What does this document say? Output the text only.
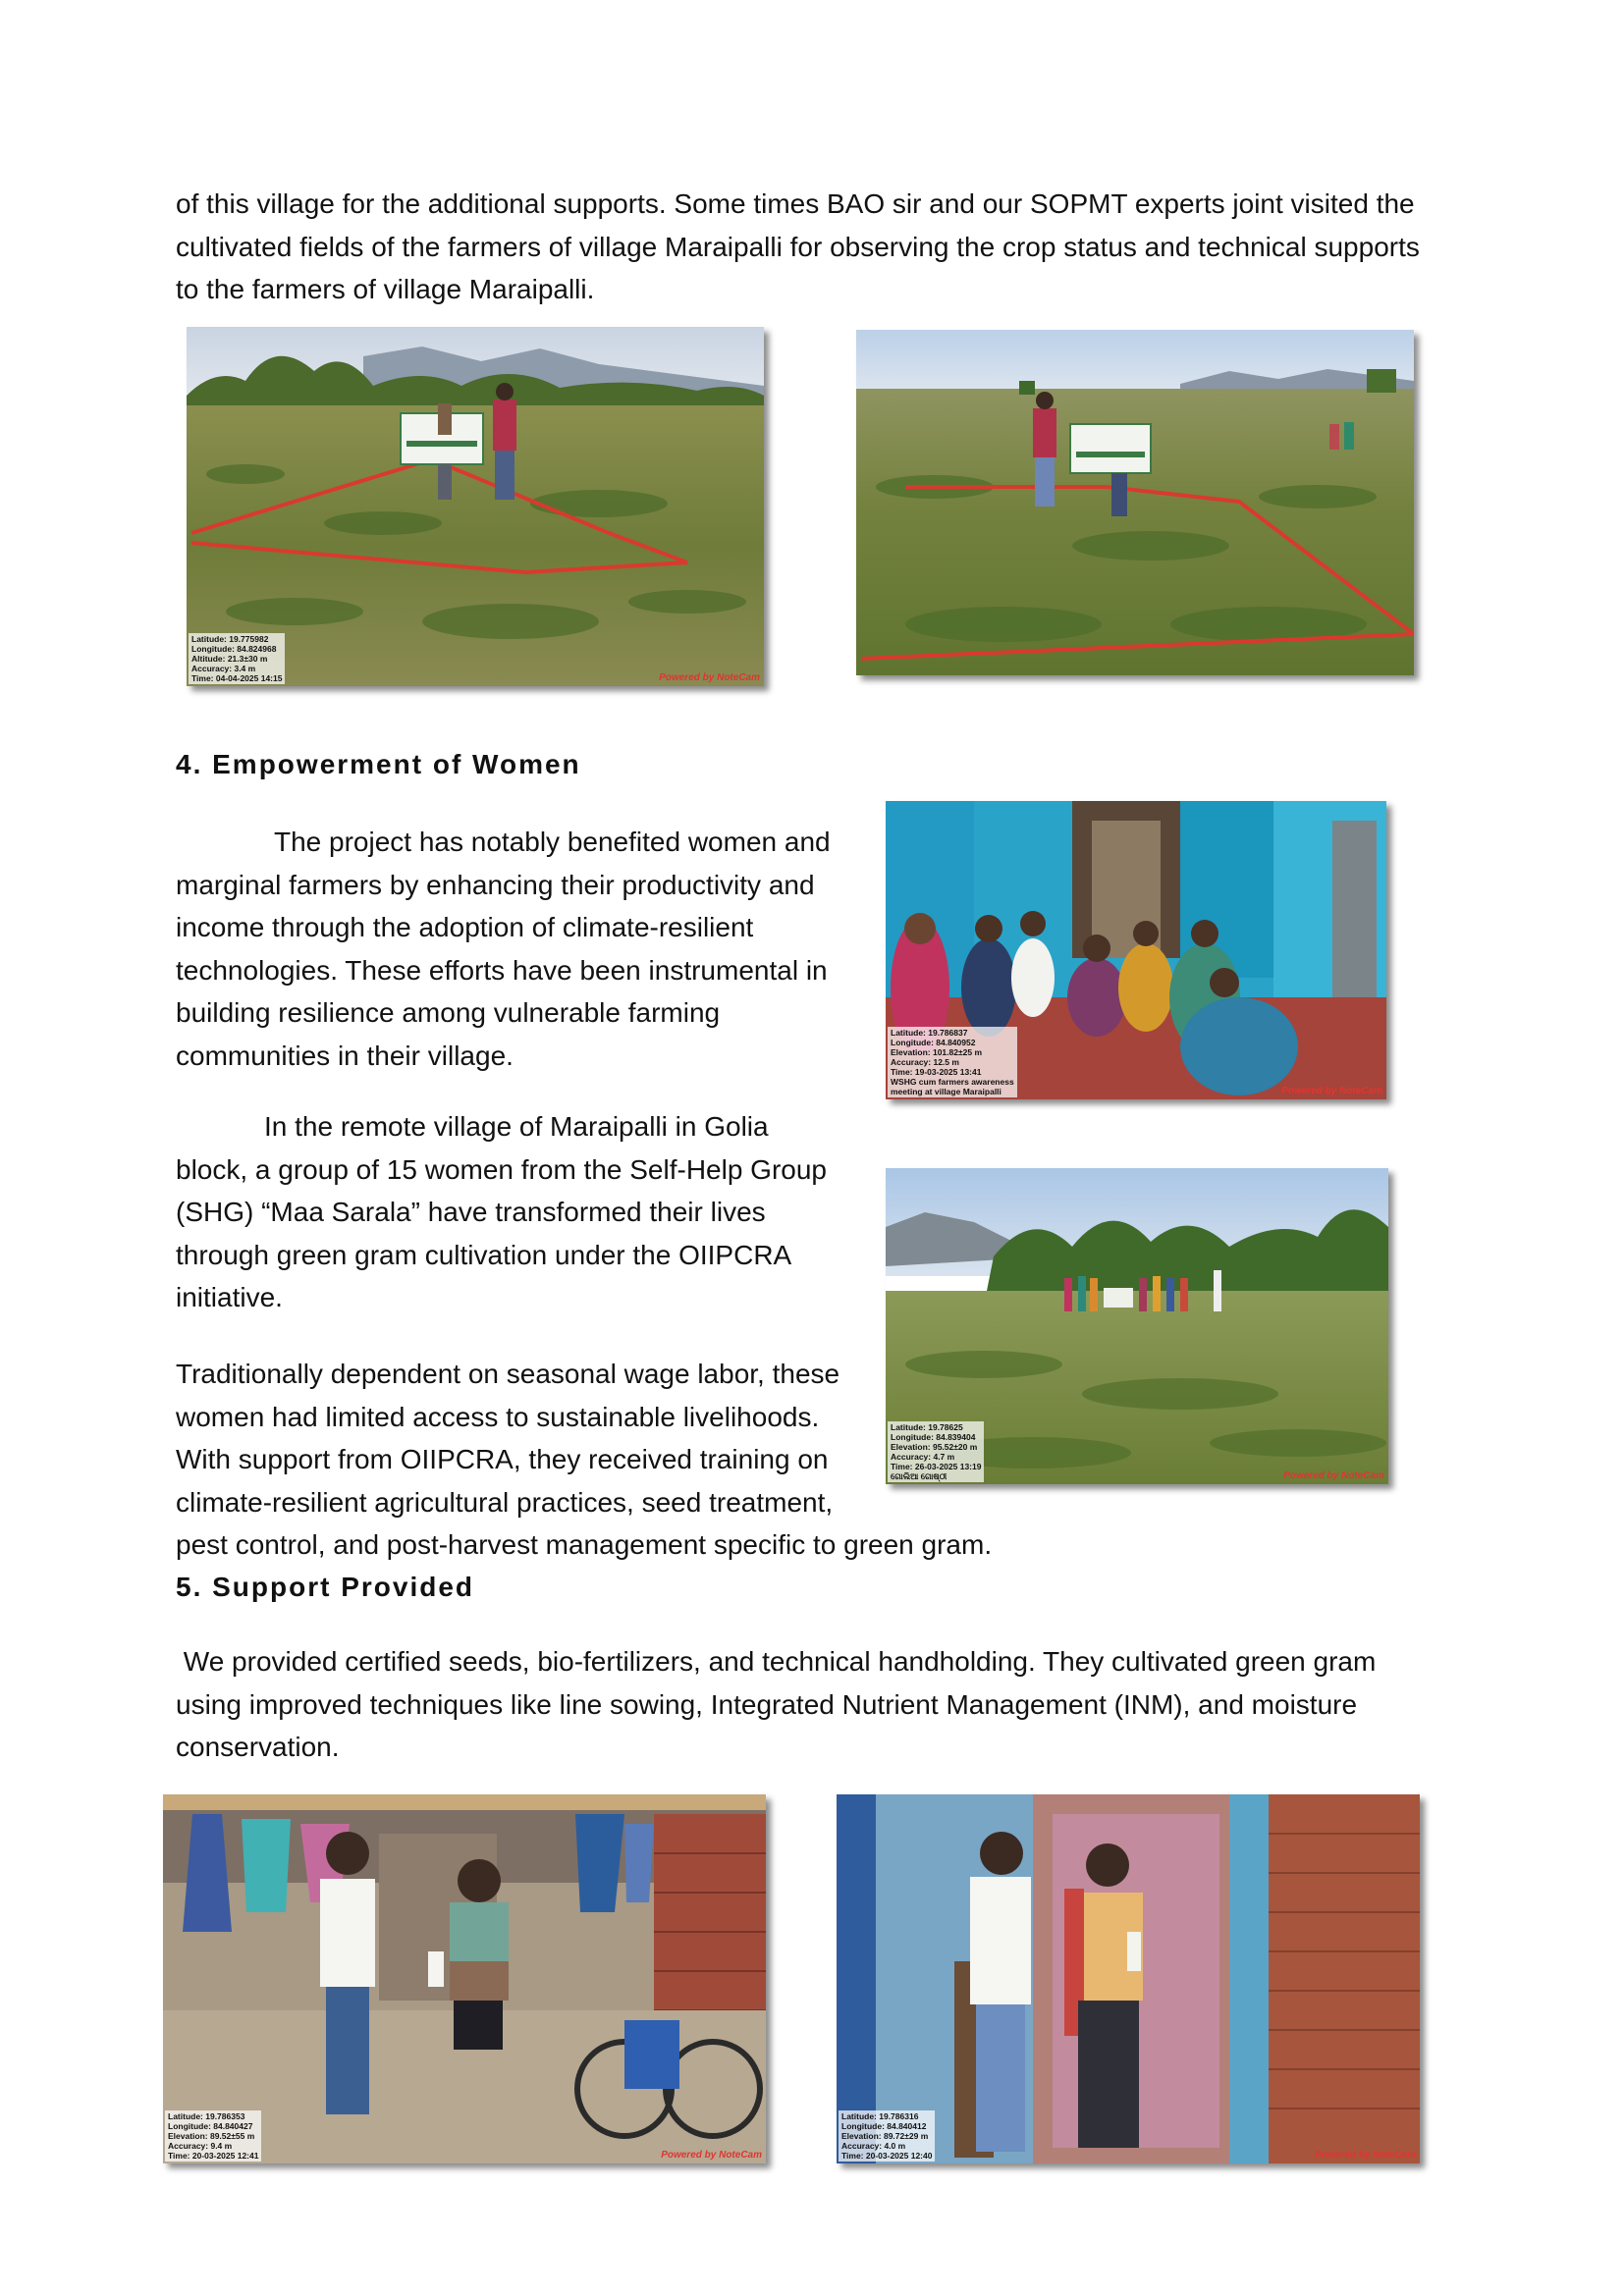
of this village for the additional supports. Some times BAO sir and our SOPMT experts joint visited the
cultivated fields of the farmers of village Maraipalli for observing the crop status and technical supports
to the farmers of village Maraipalli.
Latitude: 19.775982
Longitude: 84.824968
Altitude: 21.3±30 m
Accuracy: 3.4 m
Time: 04-04-2025 14:15	Powered by NoteCam
4. Empowerment of Women
The project has notably benefited women and
marginal farmers by enhancing their productivity and
income through the adoption of climate-resilient
technologies. These efforts have been instrumental in
building resilience among vulnerable farming
communities in their village.
Latitude: 19.786837
Longitude: 84.840952
Elevation: 101.82±25 m
Accuracy: 12.5 m
Time: 19-03-2025 13:41
WSHG cum farmers awareness
meeting at village Maraipalli	Powered by NoteCam
In the remote village of Maraipalli in Golia
block, a group of 15 women from the Self-Help Group
(SHG) “Maa Sarala” have transformed their lives
through green gram cultivation under the OIIPCRA
initiative.
Latitude: 19.78625
Longitude: 84.839404
Elevation: 95.52±20 m
Accuracy: 4.7 m
Time: 26-03-2025 13:19
ଗୋଲିଆ ଗୋଷ୍ଠୀ	Powered by NoteCam
Traditionally dependent on seasonal wage labor, these
women had limited access to sustainable livelihoods.
With support from OIIPCRA, they received training on
climate-resilient agricultural practices, seed treatment,
pest control, and post-harvest management specific to green gram.
5. Support Provided
We provided certified seeds, bio-fertilizers, and technical handholding. They cultivated green gram
using improved techniques like line sowing, Integrated Nutrient Management (INM), and moisture
conservation.
Latitude: 19.786353
Longitude: 84.840427
Elevation: 89.52±55 m
Accuracy: 9.4 m
Time: 20-03-2025 12:41	Powered by NoteCam
Latitude: 19.786316
Longitude: 84.840412
Elevation: 89.72±29 m
Accuracy: 4.0 m
Time: 20-03-2025 12:40	Powered by NoteCam
